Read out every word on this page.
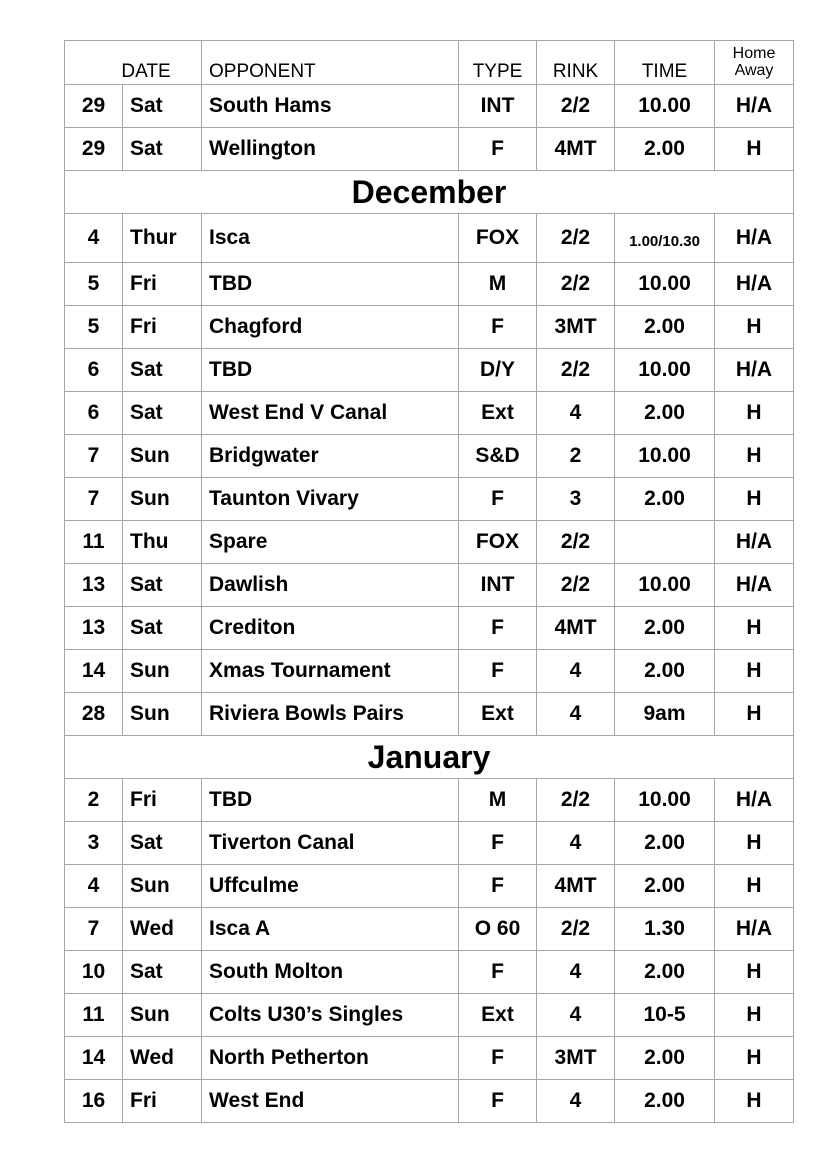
DATE		OPPONENT	TYPE	RINK	TIME	Home
Away

29	Sat	South Hams	INT	2/2	10.00	H/A
29	Sat	Wellington	F	4MT	2.00	H
December						
4	Thur	Isca	FOX	2/2	1.00/10.30	H/A
5	Fri	TBD	M	2/2	10.00	H/A
5	Fri	Chagford	F	3MT	2.00	H
6	Sat	TBD	D/Y	2/2	10.00	H/A
6	Sat	West End V Canal	Ext	4	2.00	H
7	Sun	Bridgwater	S&D	2	10.00	H
7	Sun	Taunton Vivary	F	3	2.00	H
11	Thu	Spare	FOX	2/2		H/A
13	Sat	Dawlish	INT	2/2	10.00	H/A
13	Sat	Crediton	F	4MT	2.00	H
14	Sun	Xmas Tournament	F	4	2.00	H
28	Sun	Riviera Bowls Pairs	Ext	4	9am	H
January						
2	Fri	TBD	M	2/2	10.00	H/A
3	Sat	Tiverton Canal	F	4	2.00	H
4	Sun	Uffculme	F	4MT	2.00	H
7	Wed	Isca A	O 60	2/2	1.30	H/A
10	Sat	South Molton	F	4	2.00	H
11	Sun	Colts U30’s Singles	Ext	4	10-5	H
14	Wed	North Petherton	F	3MT	2.00	H
16	Fri	West End	F	4	2.00	H
